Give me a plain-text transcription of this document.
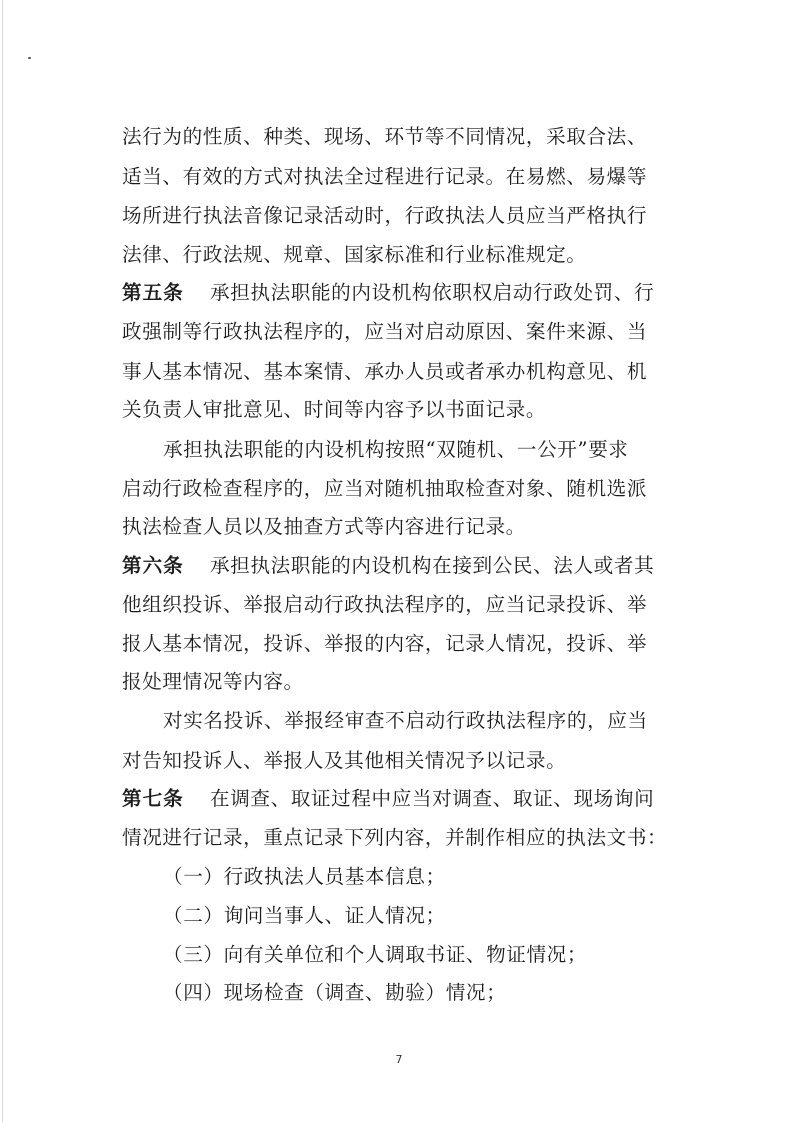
法行为的性质、种类、现场、环节等不同情况，采取合法、
适当、有效的方式对执法全过程进行记录。在易燃、易爆等
场所进行执法音像记录活动时，行政执法人员应当严格执行
法律、行政法规、规章、国家标准和行业标准规定。
第五条 承担执法职能的内设机构依职权启动行政处罚、行
政强制等行政执法程序的，应当对启动原因、案件来源、当
事人基本情况、基本案情、承办人员或者承办机构意见、机
关负责人审批意见、时间等内容予以书面记录。
承担执法职能的内设机构按照“双随机、一公开”要求
启动行政检查程序的，应当对随机抽取检查对象、随机选派
执法检查人员以及抽查方式等内容进行记录。
第六条 承担执法职能的内设机构在接到公民、法人或者其
他组织投诉、举报启动行政执法程序的，应当记录投诉、举
报人基本情况，投诉、举报的内容，记录人情况，投诉、举
报处理情况等内容。
对实名投诉、举报经审查不启动行政执法程序的，应当
对告知投诉人、举报人及其他相关情况予以记录。
第七条 在调查、取证过程中应当对调查、取证、现场询问
情况进行记录，重点记录下列内容，并制作相应的执法文书：
（一）行政执法人员基本信息；
（二）询问当事人、证人情况；
（三）向有关单位和个人调取书证、物证情况；
（四）现场检查（调查、勘验）情况；
7
